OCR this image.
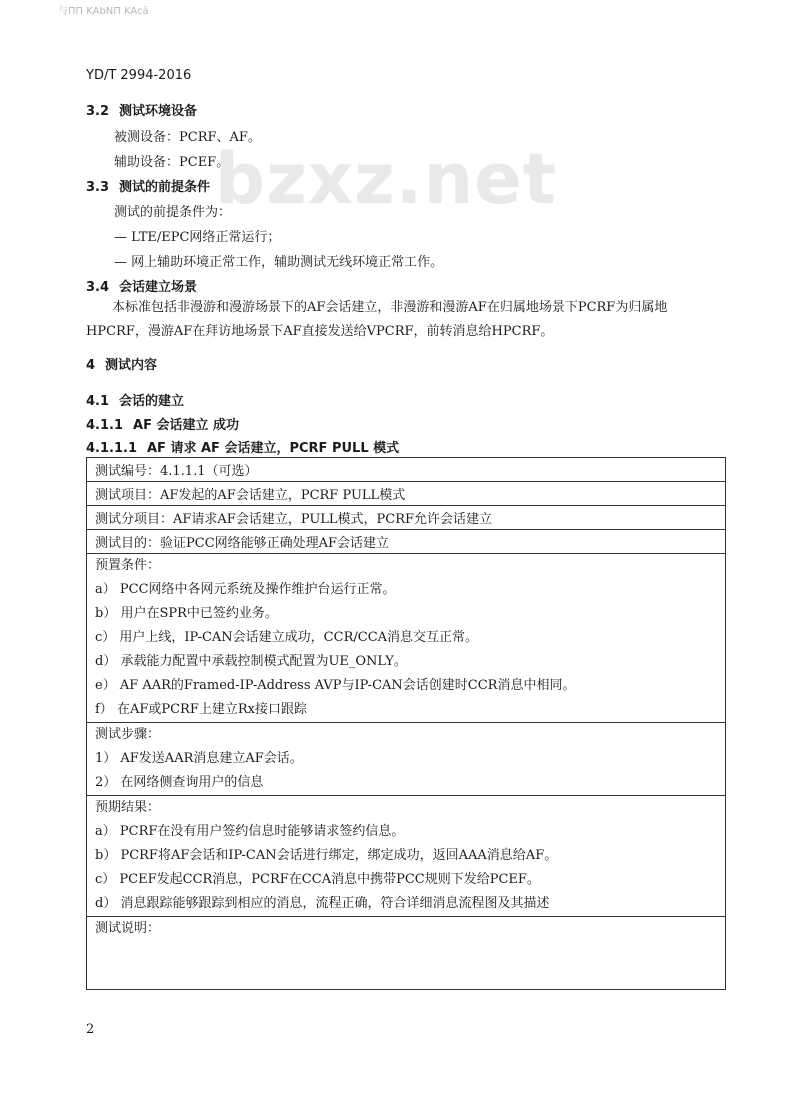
与ΠΠ KAbNΠ KAcā
bzxz.net
YD/T 2994-2016
3.2 测试环境设备
被测设备：PCRF、AF。
辅助设备：PCEF。
3.3 测试的前提条件
测试的前提条件为：
— LTE/EPC网络正常运行；
— 网上辅助环境正常工作，辅助测试无线环境正常工作。
3.4 会话建立场景
本标准包括非漫游和漫游场景下的AF会话建立，非漫游和漫游AF在归属地场景下PCRF为归属地HPCRF，漫游AF在拜访地场景下AF直接发送给VPCRF，前转消息给HPCRF。
4 测试内容
4.1 会话的建立
4.1.1 AF 会话建立 成功
4.1.1.1 AF 请求 AF 会话建立，PCRF PULL 模式
测试编号：4.1.1.1（可选）
测试项目：AF发起的AF会话建立，PCRF PULL模式
测试分项目：AF请求AF会话建立，PULL模式，PCRF允许会话建立
测试目的：验证PCC网络能够正确处理AF会话建立

预置条件：
a） PCC网络中各网元系统及操作维护台运行正常。
b） 用户在SPR中已签约业务。
c） 用户上线，IP-CAN会话建立成功，CCR/CCA消息交互正常。
d） 承载能力配置中承载控制模式配置为UE_ONLY。
e） AF AAR的Framed-IP-Address AVP与IP-CAN会话创建时CCR消息中相同。
f） 在AF或PCRF上建立Rx接口跟踪

测试步骤：
1） AF发送AAR消息建立AF会话。
2） 在网络侧查询用户的信息

预期结果：
a） PCRF在没有用户签约信息时能够请求签约信息。
b） PCRF将AF会话和IP-CAN会话进行绑定，绑定成功，返回AAA消息给AF。
c） PCEF发起CCR消息，PCRF在CCA消息中携带PCC规则下发给PCEF。
d） 消息跟踪能够跟踪到相应的消息，流程正确，符合详细消息流程图及其描述

测试说明：
2
